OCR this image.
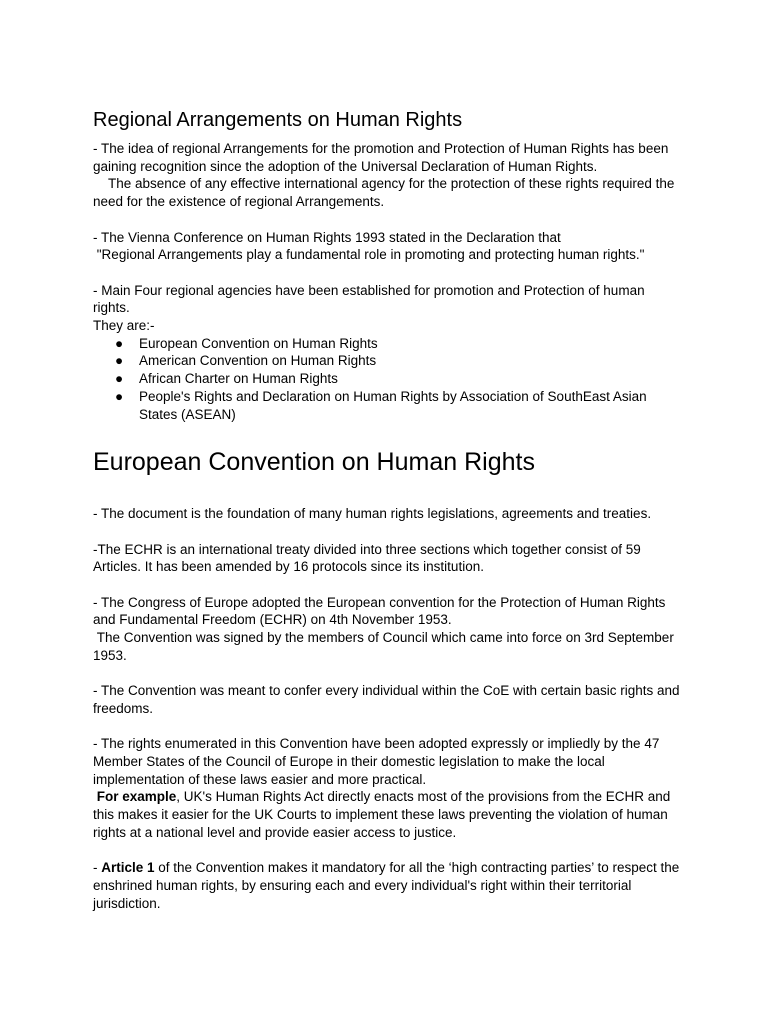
Regional Arrangements on Human Rights

- The idea of regional Arrangements for the promotion and Protection of Human Rights has been gaining recognition since the adoption of the Universal Declaration of Human Rights.

The absence of any effective international agency for the protection of these rights required the need for the existence of regional Arrangements.

- The Vienna Conference on Human Rights 1993 stated in the Declaration that

"Regional Arrangements play a fundamental role in promoting and protecting human rights."

- Main Four regional agencies have been established for promotion and Protection of human rights.

They are:-

● European Convention on Human Rights
● American Convention on Human Rights
● African Charter on Human Rights
● People's Rights and Declaration on Human Rights by Association of SouthEast Asian States (ASEAN)
European Convention on Human Rights

- The document is the foundation of many human rights legislations, agreements and treaties.

-The ECHR is an international treaty divided into three sections which together consist of 59 Articles. It has been amended by 16 protocols since its institution.

- The Congress of Europe adopted the European convention for the Protection of Human Rights and Fundamental Freedom (ECHR) on 4th November 1953.

The Convention was signed by the members of Council which came into force on 3rd September 1953.

- The Convention was meant to confer every individual within the CoE with certain basic rights and freedoms.

- The rights enumerated in this Convention have been adopted expressly or impliedly by the 47 Member States of the Council of Europe in their domestic legislation to make the local implementation of these laws easier and more practical.

For example, UK's Human Rights Act directly enacts most of the provisions from the ECHR and this makes it easier for the UK Courts to implement these laws preventing the violation of human rights at a national level and provide easier access to justice.

- Article 1 of the Convention makes it mandatory for all the ‘high contracting parties’ to respect the enshrined human rights, by ensuring each and every individual's right within their territorial jurisdiction.
